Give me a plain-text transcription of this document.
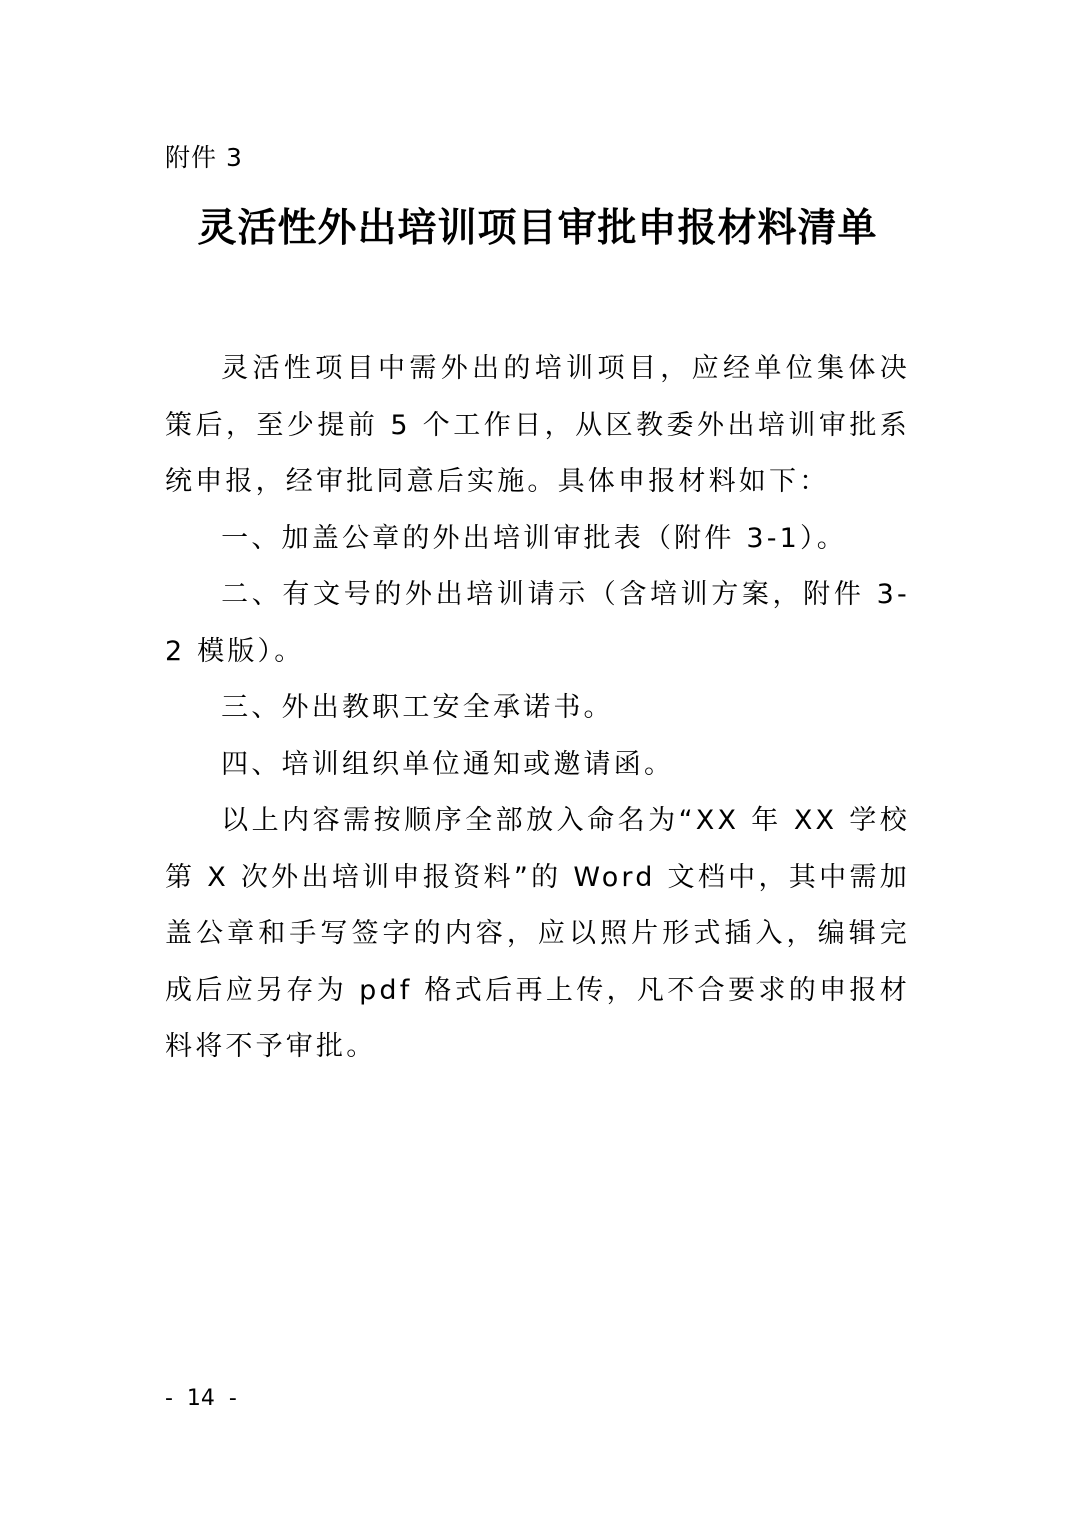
附件 3
灵活性外出培训项目审批申报材料清单

灵活性项目中需外出的培训项目，应经单位集体决策后，至少提前 5 个工作日，从区教委外出培训审批系统申报，经审批同意后实施。具体申报材料如下：

一、加盖公章的外出培训审批表（附件 3-1）。

二、有文号的外出培训请示（含培训方案，附件 3-2 模版）。

三、外出教职工安全承诺书。

四、培训组织单位通知或邀请函。

以上内容需按顺序全部放入命名为“XX 年 XX 学校第 X 次外出培训申报资料”的 Word 文档中，其中需加盖公章和手写签字的内容，应以照片形式插入，编辑完成后应另存为 pdf 格式后再上传，凡不合要求的申报材料将不予审批。

-  14  -
